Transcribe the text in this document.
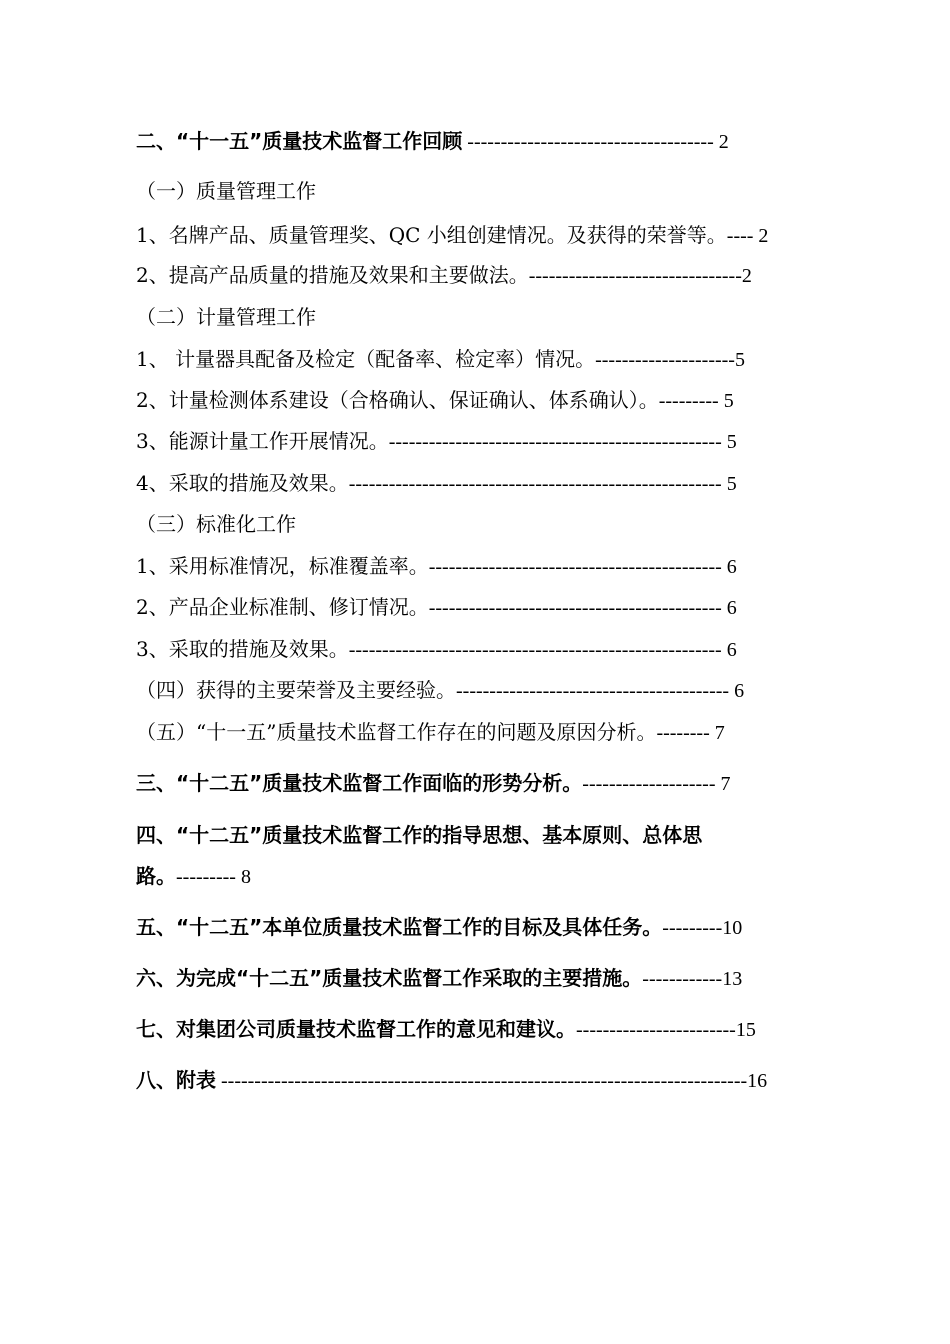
二、“十一五”质量技术监督工作回顾 ------------------------------------- 2
（一）质量管理工作
1、名牌产品、质量管理奖、QC 小组创建情况。及获得的荣誉等。---- 2
2、提高产品质量的措施及效果和主要做法。--------------------------------2
（二）计量管理工作
1、 计量器具配备及检定（配备率、检定率）情况。---------------------5
2、计量检测体系建设（合格确认、保证确认、体系确认）。--------- 5
3、能源计量工作开展情况。-------------------------------------------------- 5
4、采取的措施及效果。-------------------------------------------------------- 5
（三）标准化工作
1、采用标准情况，标准覆盖率。-------------------------------------------- 6
2、产品企业标准制、修订情况。-------------------------------------------- 6
3、采取的措施及效果。-------------------------------------------------------- 6
（四）获得的主要荣誉及主要经验。----------------------------------------- 6
（五）“十一五”质量技术监督工作存在的问题及原因分析。-------- 7
三、“十二五”质量技术监督工作面临的形势分析。-------------------- 7
四、“十二五”质量技术监督工作的指导思想、基本原则、总体思
路。--------- 8
五、“十二五”本单位质量技术监督工作的目标及具体任务。---------10
六、为完成“十二五”质量技术监督工作采取的主要措施。------------13
七、对集团公司质量技术监督工作的意见和建议。------------------------15
八、附表 -------------------------------------------------------------------------------16
